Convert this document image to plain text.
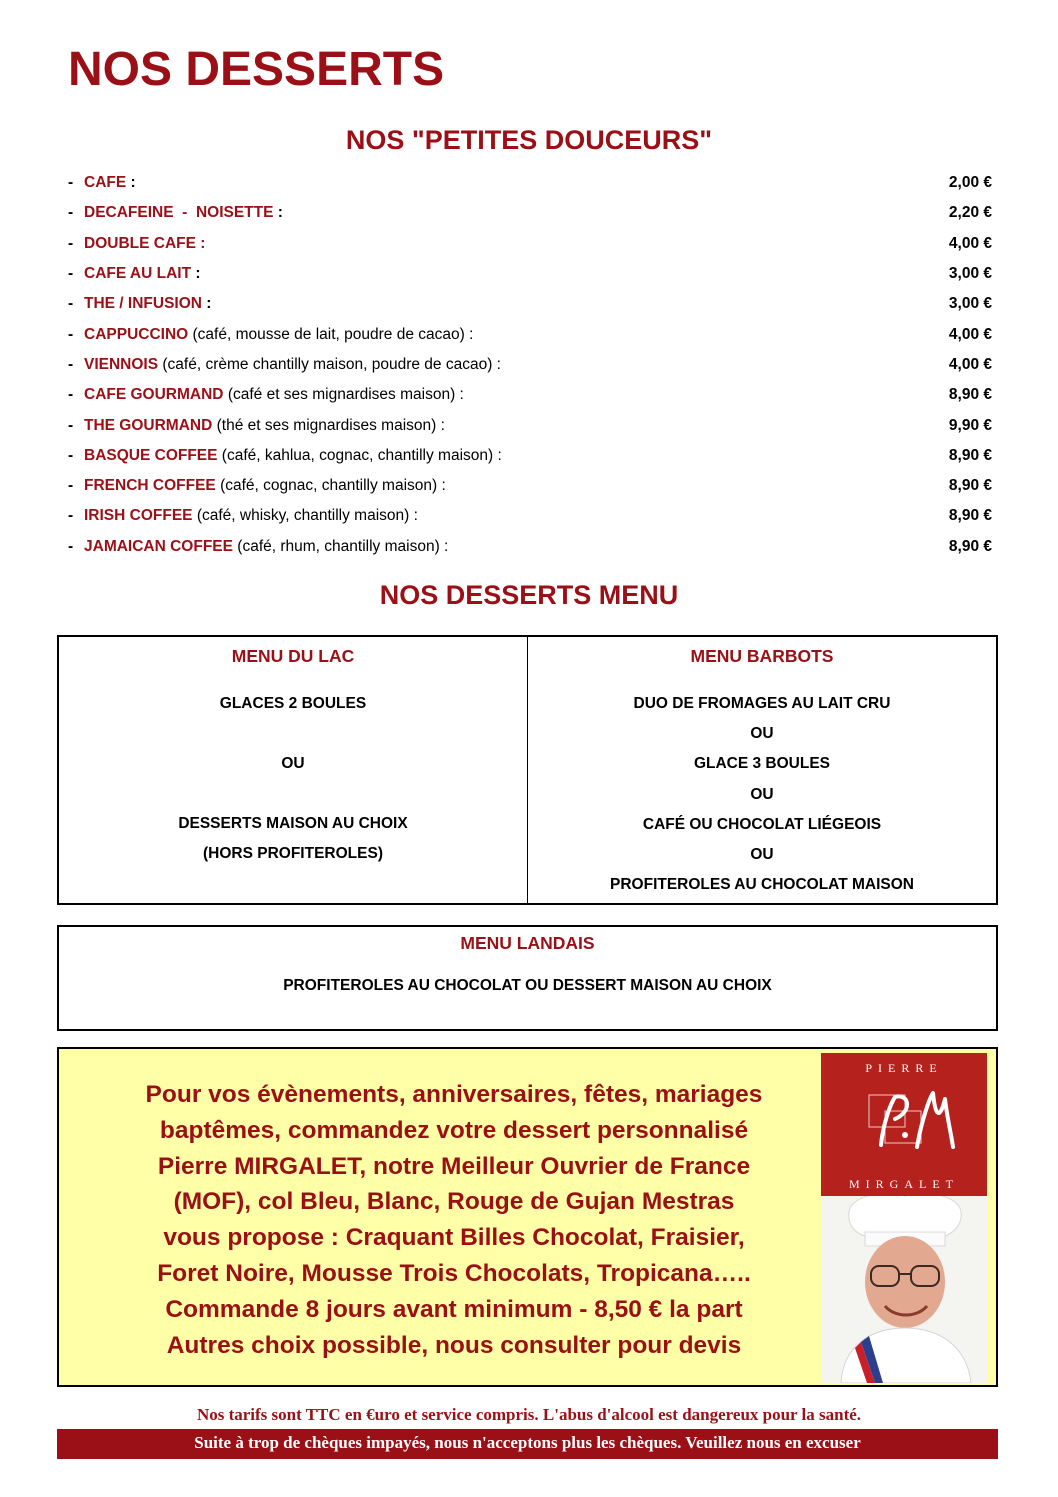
NOS DESSERTS
NOS "PETITES DOUCEURS"
- CAFE :	2,00 €
- DECAFEINE  -  NOISETTE :	2,20 €
- DOUBLE CAFE :	4,00 €
- CAFE AU LAIT :	3,00 €
- THE / INFUSION :	3,00 €
- CAPPUCCINO (café, mousse de lait, poudre de cacao) :	4,00 €
- VIENNOIS (café, crème chantilly maison, poudre de cacao) :	4,00 €
- CAFE GOURMAND (café et ses mignardises maison) :	8,90 €
- THE GOURMAND (thé et ses mignardises maison) :	9,90 €
- BASQUE COFFEE (café, kahlua, cognac, chantilly maison) :	8,90 €
- FRENCH COFFEE (café, cognac, chantilly maison) :	8,90 €
- IRISH COFFEE (café, whisky, chantilly maison) :	8,90 €
- JAMAICAN COFFEE (café, rhum, chantilly maison) :	8,90 €
NOS DESSERTS MENU
MENU DU LAC
GLACES 2 BOULES
OU
DESSERTS MAISON AU CHOIX
(HORS PROFITEROLES)
MENU BARBOTS
DUO DE FROMAGES AU LAIT CRU
OU
GLACE 3 BOULES
OU
CAFÉ OU CHOCOLAT LIÉGEOIS
OU
PROFITEROLES AU CHOCOLAT MAISON
MENU LANDAIS
PROFITEROLES AU CHOCOLAT OU DESSERT MAISON AU CHOIX
Pour vos évènements, anniversaires, fêtes, mariages
baptêmes, commandez votre dessert personnalisé
Pierre MIRGALET, notre Meilleur Ouvrier de France
(MOF), col Bleu, Blanc, Rouge de Gujan Mestras
vous propose : Craquant Billes Chocolat, Fraisier,
Foret Noire, Mousse Trois Chocolats, Tropicana…..
Commande 8 jours avant minimum - 8,50 € la part
Autres choix possible, nous consulter pour devis
PIERRE
MIRGALET
Nos tarifs sont TTC en €uro et service compris. L'abus d'alcool est dangereux pour la santé.
Suite à trop de chèques impayés, nous n'acceptons plus les chèques. Veuillez nous en excuser
